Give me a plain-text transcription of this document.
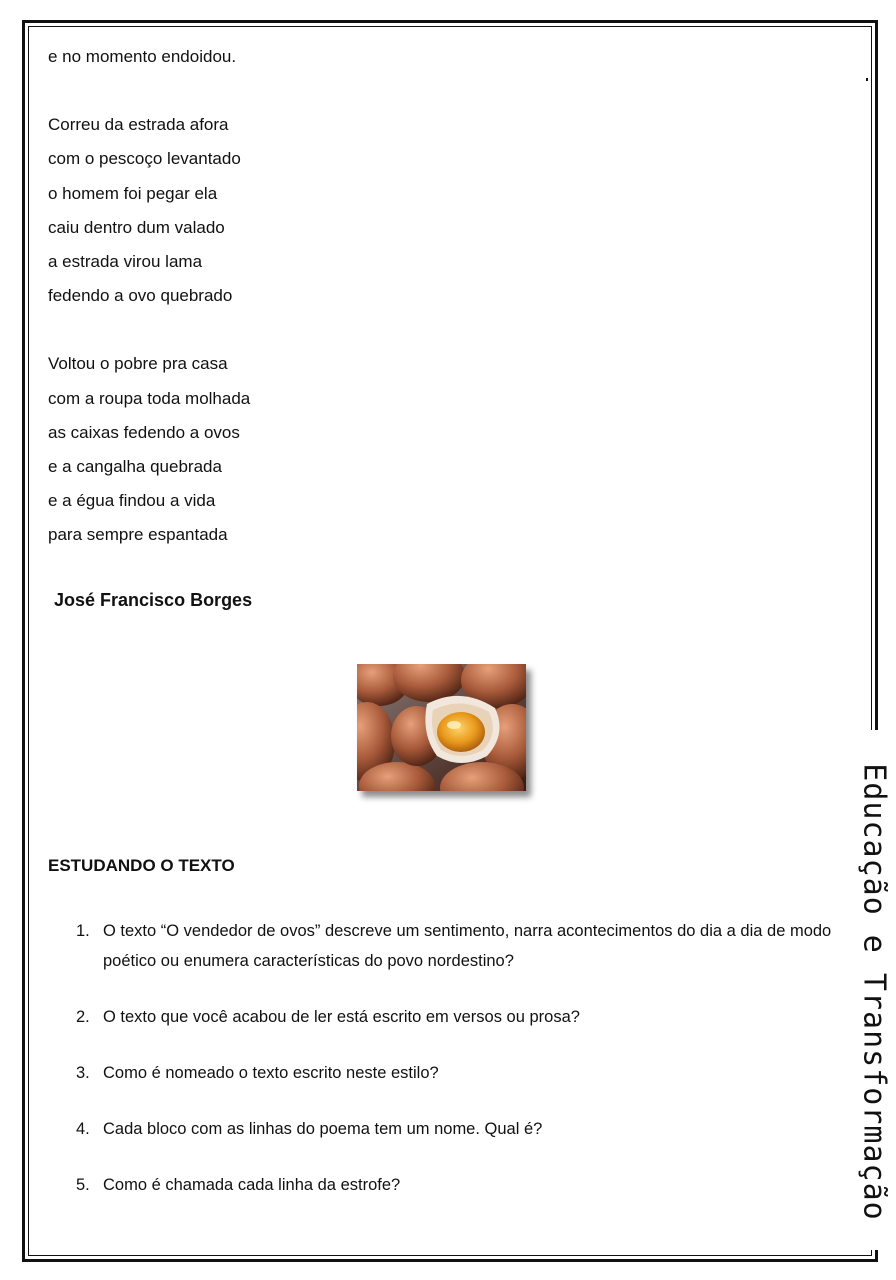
Educação e Transformação
e no momento endoidou.
Correu da estrada afora
com o pescoço levantado
o homem foi pegar ela
caiu dentro dum valado
a estrada virou lama
fedendo a ovo quebrado
Voltou o pobre pra casa
com a roupa toda molhada
as caixas fedendo a ovos
e a cangalha quebrada
e a égua findou a vida
para sempre espantada
José Francisco Borges
ESTUDANDO O TEXTO
1. O texto “O vendedor de ovos” descreve um sentimento, narra acontecimentos do dia a dia de modo poético ou enumera características do povo nordestino?
2. O texto que você acabou de ler está escrito em versos ou prosa?
3. Como é nomeado o texto escrito neste estilo?
4. Cada bloco com as linhas do poema tem um nome. Qual é?
5. Como é chamada cada linha da estrofe?
